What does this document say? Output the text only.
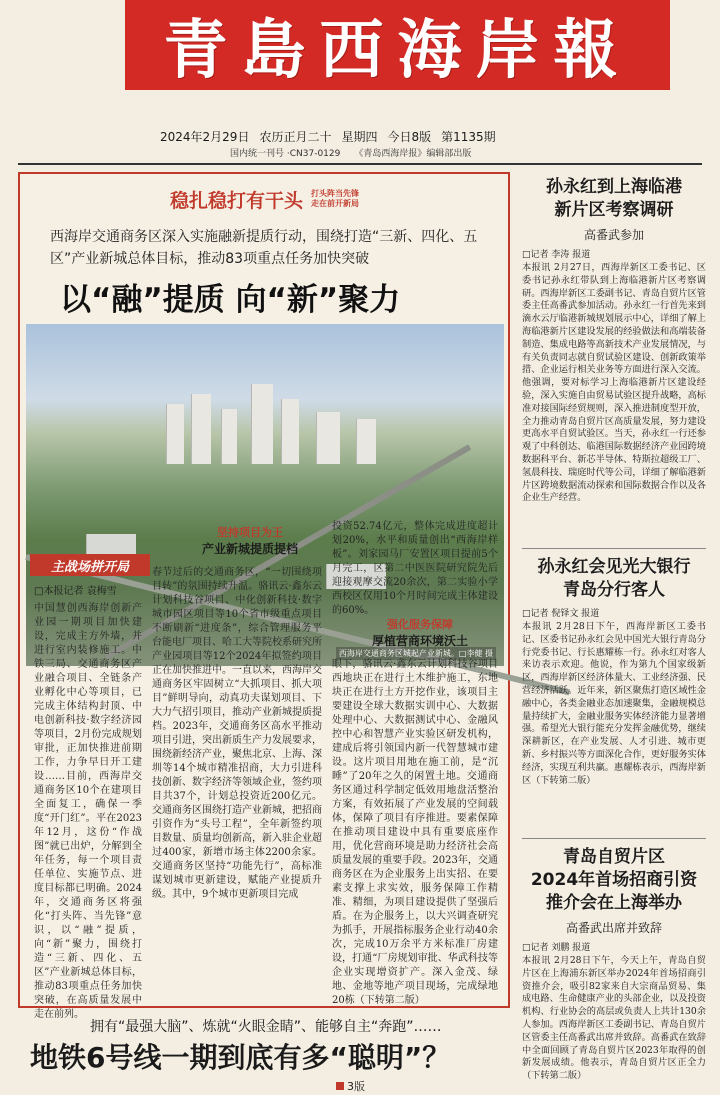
青島西海岸報
2024年2月29日 农历正月二十 星期四 今日8版 第1135期
国内统一刊号 ·CN37-0129 《青岛西海岸报》编辑部出版
稳扎稳打有干头 打头阵当先锋
走在前开新局
西海岸交通商务区深入实施融新提质行动，围绕打造“三新、四化、五区”产业新城总体目标，推动83项重点任务加快突破
以“融”提质 向“新”聚力
西海岸交通商务区城起产业新城。□李健 摄
主战场拼开局
□本报记者 袁梅雪
中国慧创西海岸创新产业园一期项目加快建设，完成主方外墙，并进行室内装修施工。中铁三局、交通商务区产业融合项目、全链条产业孵化中心等项目，已完成主体结构封顶、中电创新科技·数字经济园等项目，2月份完成规划审批，正加快推进前期工作，力争早日开工建设……目前，西海岸交通商务区10个在建项目全面复工，确保一季度“开门红”。平在2023年12月，这份“作战图”就已出炉，分解到全年任务，每一个项目责任单位、实施节点、进度目标都已明确。2024年，交通商务区将强化“打头阵、当先锋”意识，以“融”提质，向“新”聚力，围绕打造“三新、四化、五区”产业新城总体目标，推动83项重点任务加快突破，在高质量发展中走在前列。
坚持项目为王
产业新城提质提档
春节过后的交通商务区，“一切围绕项目转”的氛围持续升温。骆讯云·鑫东云计划科技谷项目、中化创新科技·数字城市园区项目等10个省市级重点项目不断刷新“进度条”，综合管理服务平台能电厂项目、哈工大等院校系研究所产业园项目等12个2024年拟签约项目正在加快推进中。一直以来，西海岸交通商务区牢固树立“大抓项目、抓大项目”鲜明导向，动真功夫谋划项目、下大力气招引项目，推动产业新城提质提档。2023年，交通商务区高水平推动项目引进，突出新质生产力发展要求，围绕新经济产业，聚焦北京、上海、深圳等14个城市精准招商，大力引进科技创新、数字经济等领域企业，签约项目共37个，计划总投资近200亿元。交通商务区围绕打造产业新城，把招商引资作为“头号工程”，全年新签约项目数量、质量均创新高，新入驻企业超过400家，新增市场主体2200余家。交通商务区坚持“功能先行”，高标准谋划城市更新建设，赋能产业提质升级。其中，9个城市更新项目完成
投资52.74亿元，整体完成进度超计划20%，水平和质量创出“西海岸样板”。刘家园马厂安置区项目提前5个月完工，区第二中医医院研究院先后迎接观摩交流20余次，第二实验小学西校区仅用10个月时间完成主体建设的60%。
强化服务保障
厚植营商环境沃土
眼下，骆讯云·鑫东云计划科技谷项目西地块正在进行土木维护施工，东地块正在进行土方开挖作业，该项目主要建设全球大数据实训中心、大数据处理中心、大数据测试中心、金融风控中心和智慧产业实验区研发机构，建成后将引领国内新一代智慧城市建设。这片项目用地在施工前，是“沉睡”了20年之久的闲置土地。交通商务区通过科学制定低效用地盘活整治方案，有效拓展了产业发展的空间载体，保障了项目有序推进。要素保障在推动项目建设中具有重要底座作用，优化营商环境是助力经济社会高质量发展的重要手段。2023年，交通商务区在为企业服务上出实招、在要素支撑上求实效，服务保障工作精准、精细，为项目建设提供了坚强后盾。在为企服务上，以大兴调查研究为抓手，开展指标服务企业行动40余次，完成10万余平方米标准厂房建设，打通“厂房规划审批、华武科技等企业实现增资扩产。深入金茂、绿地、金地等地产项目现场，完成绿地20栋（下转第二版）
孙永红到上海临港
新片区考察调研
高番武参加
□记者 李涛 报道
本报讯 2月27日，西海岸新区工委书记、区委书记孙永红带队到上海临港新片区考察调研。西海岸新区工委副书记、青岛自贸片区管委主任高番武参加活动。孙永红一行首先来到滴水云厅临港新城规划展示中心，详细了解上海临港新片区建设发展的经验做法和高端装备制造、集成电路等高新技术产业发展情况，与有关负责同志就自贸试验区建设、创新政策举措、企业运行相关业务等方面进行深入交流。他强调，要对标学习上海临港新片区建设经验，深入实施自由贸易试验区提升战略，高标准对接国际经贸规则，深入推进制度型开放，全力推动青岛自贸片区高质量发展，努力建设更高水平自贸试验区。当天，孙永红一行还参观了中科创达、临港国际数据经济产业园跨境数据科平台、新芯半导体、特斯拉超级工厂、氢晨科技、瑞庭时代等公司，详细了解临港新片区跨境数据流动探索和国际数据合作以及各企业生产经营。
孙永红会见光大银行
青岛分行客人
□记者 倪铎文 报道
本报讯 2月28日下午，西海岸新区工委书记、区委书记孙永红会见中国光大银行青岛分行党委书记、行长惠耀栋一行。孙永红对客人来访表示欢迎。他说，作为第九个国家级新区，西海岸新区经济体量大、工业经济强、民营经济活跃。近年来，新区聚焦打造区域性金融中心，各类金融业态加速聚集，金融规模总量持续扩大，金融业服务实体经济能力显著增强。希望光大银行能充分发挥金融优势，继续深耕新区，在产业发展、人才引进、城市更新、乡村振兴等方面深化合作，更好服务实体经济，实现互利共赢。惠耀栋表示，西海岸新区（下转第二版）
青岛自贸片区
2024年首场招商引资
推介会在上海举办
高番武出席并致辞
□记者 刘鹏 报道
本报讯 2月28日下午，今天上午，青岛自贸片区在上海浦东新区举办2024年首场招商引资推介会，吸引82家来自大宗商品贸易、集成电路、生命健康产业的头部企业，以及投资机构、行业协会的高层或负责人上共计130余人参加。西海岸新区工委副书记、青岛自贸片区管委主任高番武出席并致辞。高番武在致辞中全面回顾了青岛自贸片区2023年取得的创新发展成绩。他表示，青岛自贸片区正全力（下转第二版）
拥有“最强大脑”、炼就“火眼金睛”、能够自主“奔跑”……
地铁6号线一期到底有多“聪明”？
3版
